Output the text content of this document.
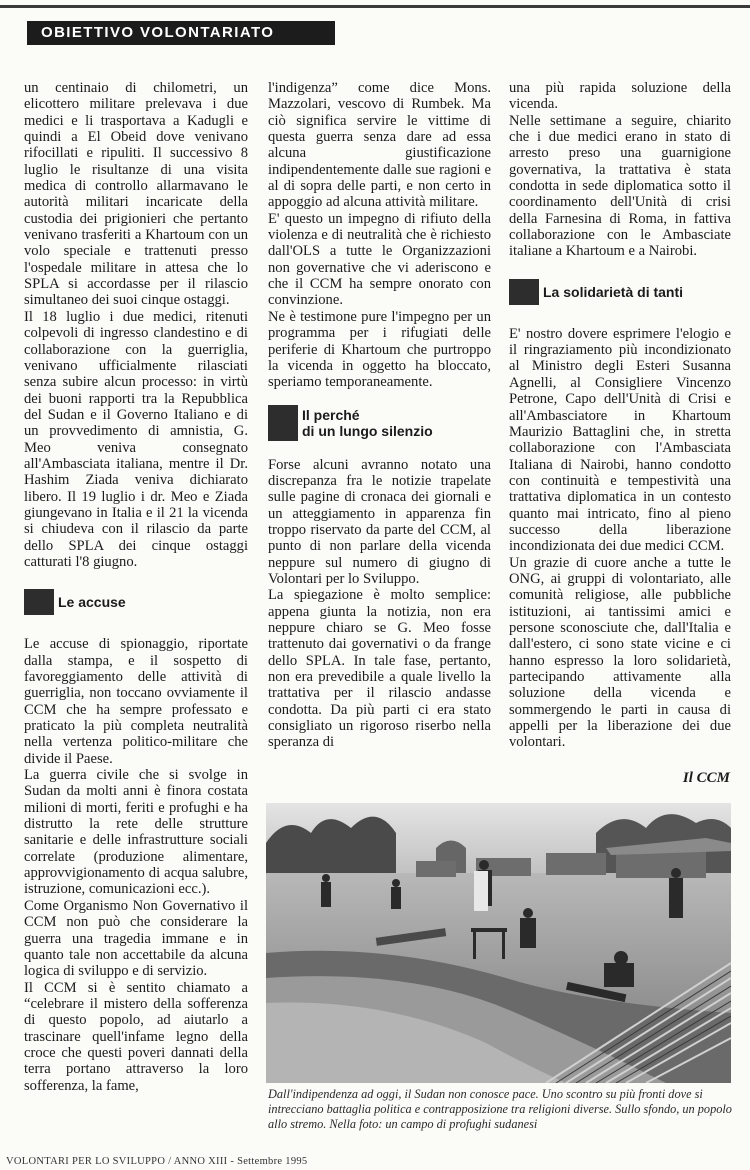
OBIETTIVO VOLONTARIATO

un centinaio di chilometri, un elicottero militare prelevava i due medici e li trasportava a Kadugli e quindi a El Obeid dove venivano rifocillati e ripuliti. Il successivo 8 luglio le risultanze di una visita medica di controllo allarmavano le autorità militari incaricate della custodia dei prigionieri che pertanto venivano trasferiti a Khartoum con un volo speciale e trattenuti presso l'ospedale militare in attesa che lo SPLA si accordasse per il rilascio simultaneo dei suoi cinque ostaggi.

Il 18 luglio i due medici, ritenuti colpevoli di ingresso clandestino e di collaborazione con la guerriglia, venivano ufficialmente rilasciati senza subire alcun processo: in virtù dei buoni rapporti tra la Repubblica del Sudan e il Governo Italiano e di un provvedimento di amnistia, G. Meo veniva consegnato all'Ambasciata italiana, mentre il Dr. Hashim Ziada veniva dichiarato libero. Il 19 luglio i dr. Meo e Ziada giungevano in Italia e il 21 la vicenda si chiudeva con il rilascio da parte dello SPLA dei cinque ostaggi catturati l'8 giugno.

Le accuse

Le accuse di spionaggio, riportate dalla stampa, e il sospetto di favoreggiamento delle attività di guerriglia, non toccano ovviamente il CCM che ha sempre professato e praticato la più completa neutralità nella vertenza politico-militare che divide il Paese.

La guerra civile che si svolge in Sudan da molti anni è finora costata milioni di morti, feriti e profughi e ha distrutto la rete delle strutture sanitarie e delle infrastrutture sociali correlate (produzione alimentare, approvvigionamento di acqua salubre, istruzione, comunicazioni ecc.).

Come Organismo Non Governativo il CCM non può che considerare la guerra una tragedia immane e in quanto tale non accettabile da alcuna logica di sviluppo e di servizio.

Il CCM si è sentito chiamato a “celebrare il mistero della sofferenza di questo popolo, ad aiutarlo a trascinare quell'infame legno della croce che questi poveri dannati della terra portano attraverso la loro sofferenza, la fame,

l'indigenza” come dice Mons. Mazzolari, vescovo di Rumbek. Ma ciò significa servire le vittime di questa guerra senza dare ad essa alcuna giustificazione indipendentemente dalle sue ragioni e al di sopra delle parti, e non certo in appoggio ad alcuna attività militare.

E' questo un impegno di rifiuto della violenza e di neutralità che è richiesto dall'OLS a tutte le Organizzazioni non governative che vi aderiscono e che il CCM ha sempre onorato con convinzione.

Ne è testimone pure l'impegno per un programma per i rifugiati delle periferie di Khartoum che purtroppo la vicenda in oggetto ha bloccato, speriamo temporaneamente.

Il perché
di un lungo silenzio

Forse alcuni avranno notato una discrepanza fra le notizie trapelate sulle pagine di cronaca dei giornali e un atteggiamento in apparenza fin troppo riservato da parte del CCM, al punto di non parlare della vicenda neppure sul numero di giugno di Volontari per lo Sviluppo.

La spiegazione è molto semplice: appena giunta la notizia, non era neppure chiaro se G. Meo fosse trattenuto dai governativi o da frange dello SPLA. In tale fase, pertanto, non era prevedibile a quale livello la trattativa per il rilascio andasse condotta. Da più parti ci era stato consigliato un rigoroso riserbo nella speranza di

una più rapida soluzione della vicenda.

Nelle settimane a seguire, chiarito che i due medici erano in stato di arresto preso una guarnigione governativa, la trattativa è stata condotta in sede diplomatica sotto il coordinamento dell'Unità di crisi della Farnesina di Roma, in fattiva collaborazione con le Ambasciate italiane a Khartoum e a Nairobi.

La solidarietà di tanti

E' nostro dovere esprimere l'elogio e il ringraziamento più incondizionato al Ministro degli Esteri Susanna Agnelli, al Consigliere Vincenzo Petrone, Capo dell'Unità di Crisi e all'Ambasciatore in Khartoum Maurizio Battaglini che, in stretta collaborazione con l'Ambasciata Italiana di Nairobi, hanno condotto con continuità e tempestività una trattativa diplomatica in un contesto quanto mai intricato, fino al pieno successo della liberazione incondizionata dei due medici CCM.

Un grazie di cuore anche a tutte le ONG, ai gruppi di volontariato, alle comunità religiose, alle pubbliche istituzioni, ai tantissimi amici e persone sconosciute che, dall'Italia e dall'estero, ci sono state vicine e ci hanno espresso la loro solidarietà, partecipando attivamente alla soluzione della vicenda e sommergendo le parti in causa di appelli per la liberazione dei due volontari.

Il CCM
Dall'indipendenza ad oggi, il Sudan non conosce pace. Uno scontro su più fronti dove si intrecciano battaglia politica e contrapposizione tra religioni diverse. Sullo sfondo, un popolo allo stremo. Nella foto: un campo di profughi sudanesi
VOLONTARI PER LO SVILUPPO / ANNO XIII - Settembre 1995
